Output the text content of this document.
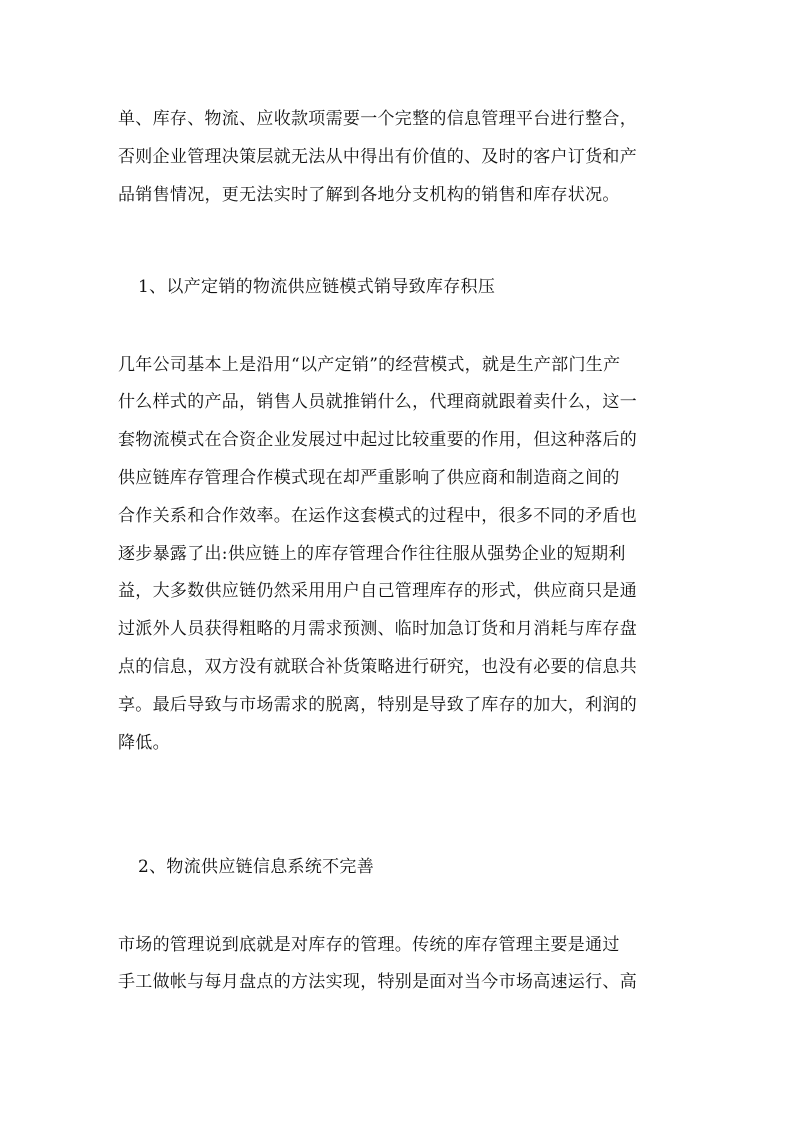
单、库存、物流、应收款项需要一个完整的信息管理平台进行整合，
否则企业管理决策层就无法从中得出有价值的、及时的客户订货和产
品销售情况，更无法实时了解到各地分支机构的销售和库存状况。
1、以产定销的物流供应链模式销导致库存积压
几年公司基本上是沿用“以产定销”的经营模式，就是生产部门生产
什么样式的产品，销售人员就推销什么，代理商就跟着卖什么，这一
套物流模式在合资企业发展过中起过比较重要的作用，但这种落后的
供应链库存管理合作模式现在却严重影响了供应商和制造商之间的
合作关系和合作效率。在运作这套模式的过程中，很多不同的矛盾也
逐步暴露了出:供应链上的库存管理合作往往服从强势企业的短期利
益，大多数供应链仍然采用用户自己管理库存的形式，供应商只是通
过派外人员获得粗略的月需求预测、临时加急订货和月消耗与库存盘
点的信息，双方没有就联合补货策略进行研究，也没有必要的信息共
享。最后导致与市场需求的脱离，特别是导致了库存的加大，利润的
降低。
2、物流供应链信息系统不完善
市场的管理说到底就是对库存的管理。传统的库存管理主要是通过
手工做帐与每月盘点的方法实现，特别是面对当今市场高速运行、高
